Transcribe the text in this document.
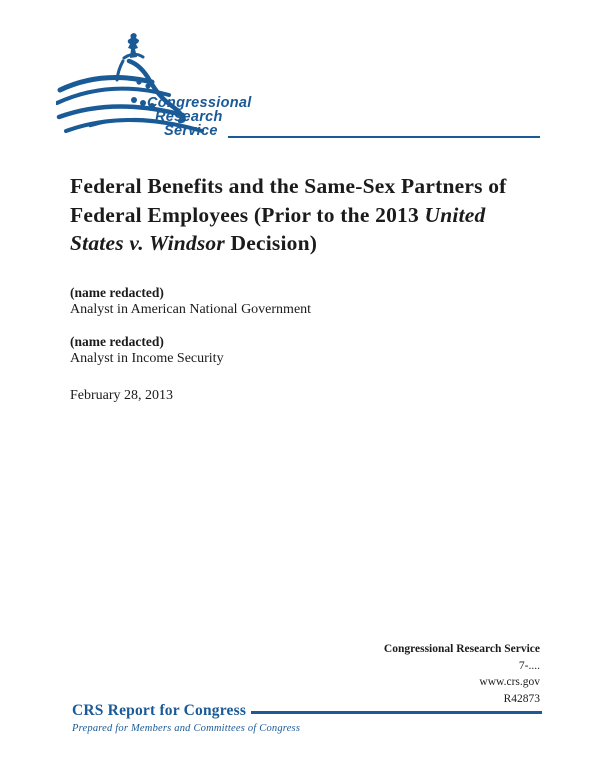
Congressional
Research
Service
Federal Benefits and the Same-Sex Partners of
Federal Employees (Prior to the 2013 United
States v. Windsor Decision)
(name redacted)
Analyst in American National Government
(name redacted)
Analyst in Income Security
February 28, 2013
Congressional Research Service
7-....
www.crs.gov
R42873
CRS Report for Congress
Prepared for Members and Committees of Congress
